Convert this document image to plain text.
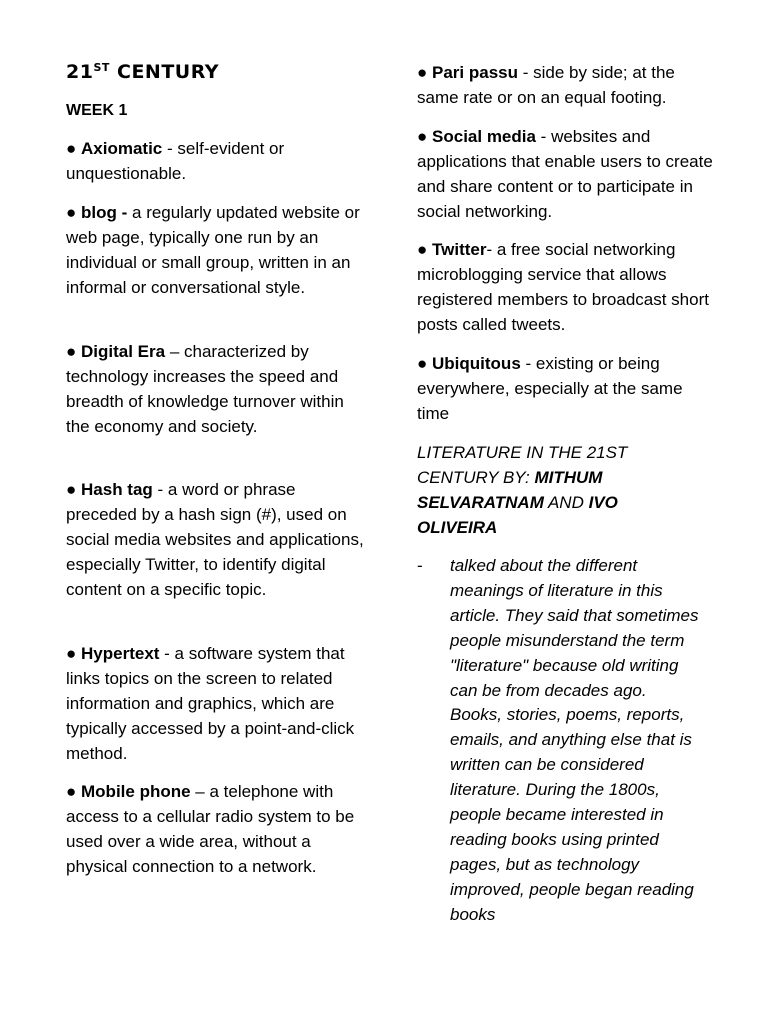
21ST CENTURY

WEEK 1

● Axiomatic - self-evident or unquestionable.

● blog - a regularly updated website or web page, typically one run by an individual or small group, written in an informal or conversational style.

● Digital Era – characterized by technology increases the speed and breadth of knowledge turnover within the economy and society.

● Hash tag - a word or phrase preceded by a hash sign (#), used on social media websites and applications, especially Twitter, to identify digital content on a specific topic.

● Hypertext - a software system that links topics on the screen to related information and graphics, which are typically accessed by a point-and-click method.

● Mobile phone – a telephone with access to a cellular radio system to be used over a wide area, without a physical connection to a network.

● Pari passu - side by side; at the same rate or on an equal footing.

● Social media - websites and applications that enable users to create and share content or to participate in social networking.

● Twitter- a free social networking microblogging service that allows registered members to broadcast short posts called tweets.

● Ubiquitous - existing or being everywhere, especially at the same time

LITERATURE IN THE 21ST CENTURY BY: MITHUM SELVARATNAM AND IVO OLIVEIRA

- talked about the different meanings of literature in this article. They said that sometimes people misunderstand the term "literature" because old writing can be from decades ago. Books, stories, poems, reports, emails, and anything else that is written can be considered literature. During the 1800s, people became interested in reading books using printed pages, but as technology improved, people began reading books
